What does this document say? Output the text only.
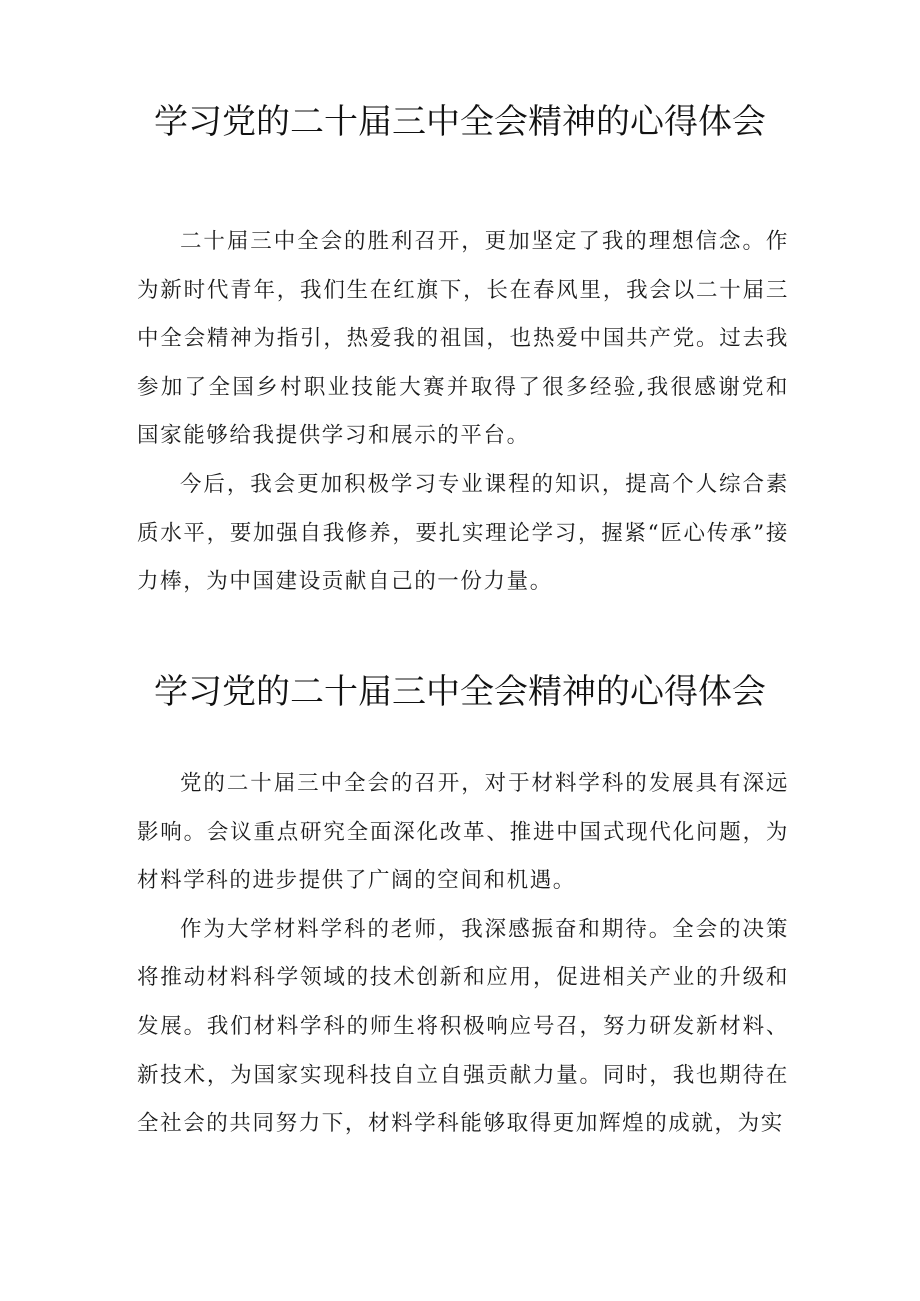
学习党的二十届三中全会精神的心得体会

二十届三中全会的胜利召开，更加坚定了我的理想信念。作为新时代青年，我们生在红旗下，长在春风里，我会以二十届三中全会精神为指引，热爱我的祖国，也热爱中国共产党。过去我参加了全国乡村职业技能大赛并取得了很多经验,我很感谢党和国家能够给我提供学习和展示的平台。

今后，我会更加积极学习专业课程的知识，提高个人综合素质水平，要加强自我修养，要扎实理论学习，握紧“匠心传承”接力棒，为中国建设贡献自己的一份力量。

学习党的二十届三中全会精神的心得体会

党的二十届三中全会的召开，对于材料学科的发展具有深远影响。会议重点研究全面深化改革、推进中国式现代化问题，为材料学科的进步提供了广阔的空间和机遇。

作为大学材料学科的老师，我深感振奋和期待。全会的决策将推动材料科学领域的技术创新和应用，促进相关产业的升级和发展。我们材料学科的师生将积极响应号召，努力研发新材料、新技术，为国家实现科技自立自强贡献力量。同时，我也期待在全社会的共同努力下，材料学科能够取得更加辉煌的成就，为实
